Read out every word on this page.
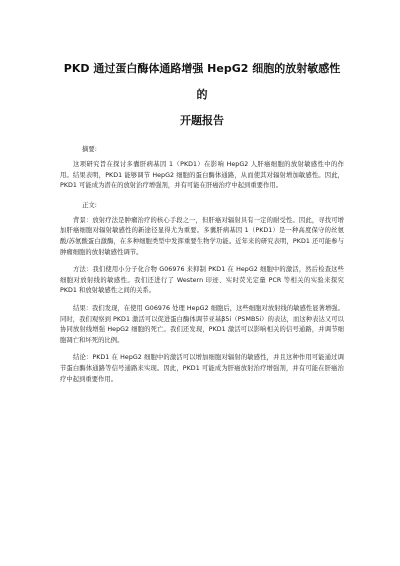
PKD 通过蛋白酶体通路增强 HepG2 细胞的放射敏感性的
开题报告
摘要:

这项研究旨在探讨多囊肝病基因 1（PKD1）在影响 HepG2 人肝癌细胞的放射敏感性中的作用。结果表明，PKD1 能够调节 HepG2 细胞的蛋白酶体通路，从而使其对辐射增加敏感性。因此，PKD1 可能成为潜在的放射治疗增强剂，并有可能在肝癌治疗中起到重要作用。

正文:

背景：放射疗法是肿瘤治疗的核心手段之一，但肝癌对辐射具有一定的耐受性。因此，寻找可增加肝癌细胞对辐射敏感性的新途径显得尤为重要。多囊肝病基因 1（PKD1）是一种高度保守的丝氨酸/苏氨酸蛋白激酶，在多种细胞类型中发挥重要生物学功能。近年来的研究表明，PKD1 还可能参与肿瘤细胞的放射敏感性调节。

方法：我们使用小分子化合物 G06976 来抑制 PKD1 在 HepG2 细胞中的激活，然后检查这些细胞对放射线的敏感性。我们还进行了 Western 印迹、实时荧光定量 PCR 等相关的实验来探究 PKD1 和放射敏感性之间的关系。

结果：我们发现，在使用 G06976 处理 HepG2 细胞后，这些细胞对放射线的敏感性显著增强。同时，我们观察到 PKD1 激活可以促进蛋白酶体调节亚基β5i（PSMB5i）的表达，而这种表达又可以协同放射线增强 HepG2 细胞的死亡。我们还发现，PKD1 激活可以影响相关的信号通路，并调节细胞凋亡和坏死的比例。

结论：PKD1 在 HepG2 细胞中的激活可以增加细胞对辐射的敏感性，并且这种作用可能通过调节蛋白酶体通路等信号通路来实现。因此，PKD1 可能成为肝癌放射治疗增强剂，并有可能在肝癌治疗中起到重要作用。
